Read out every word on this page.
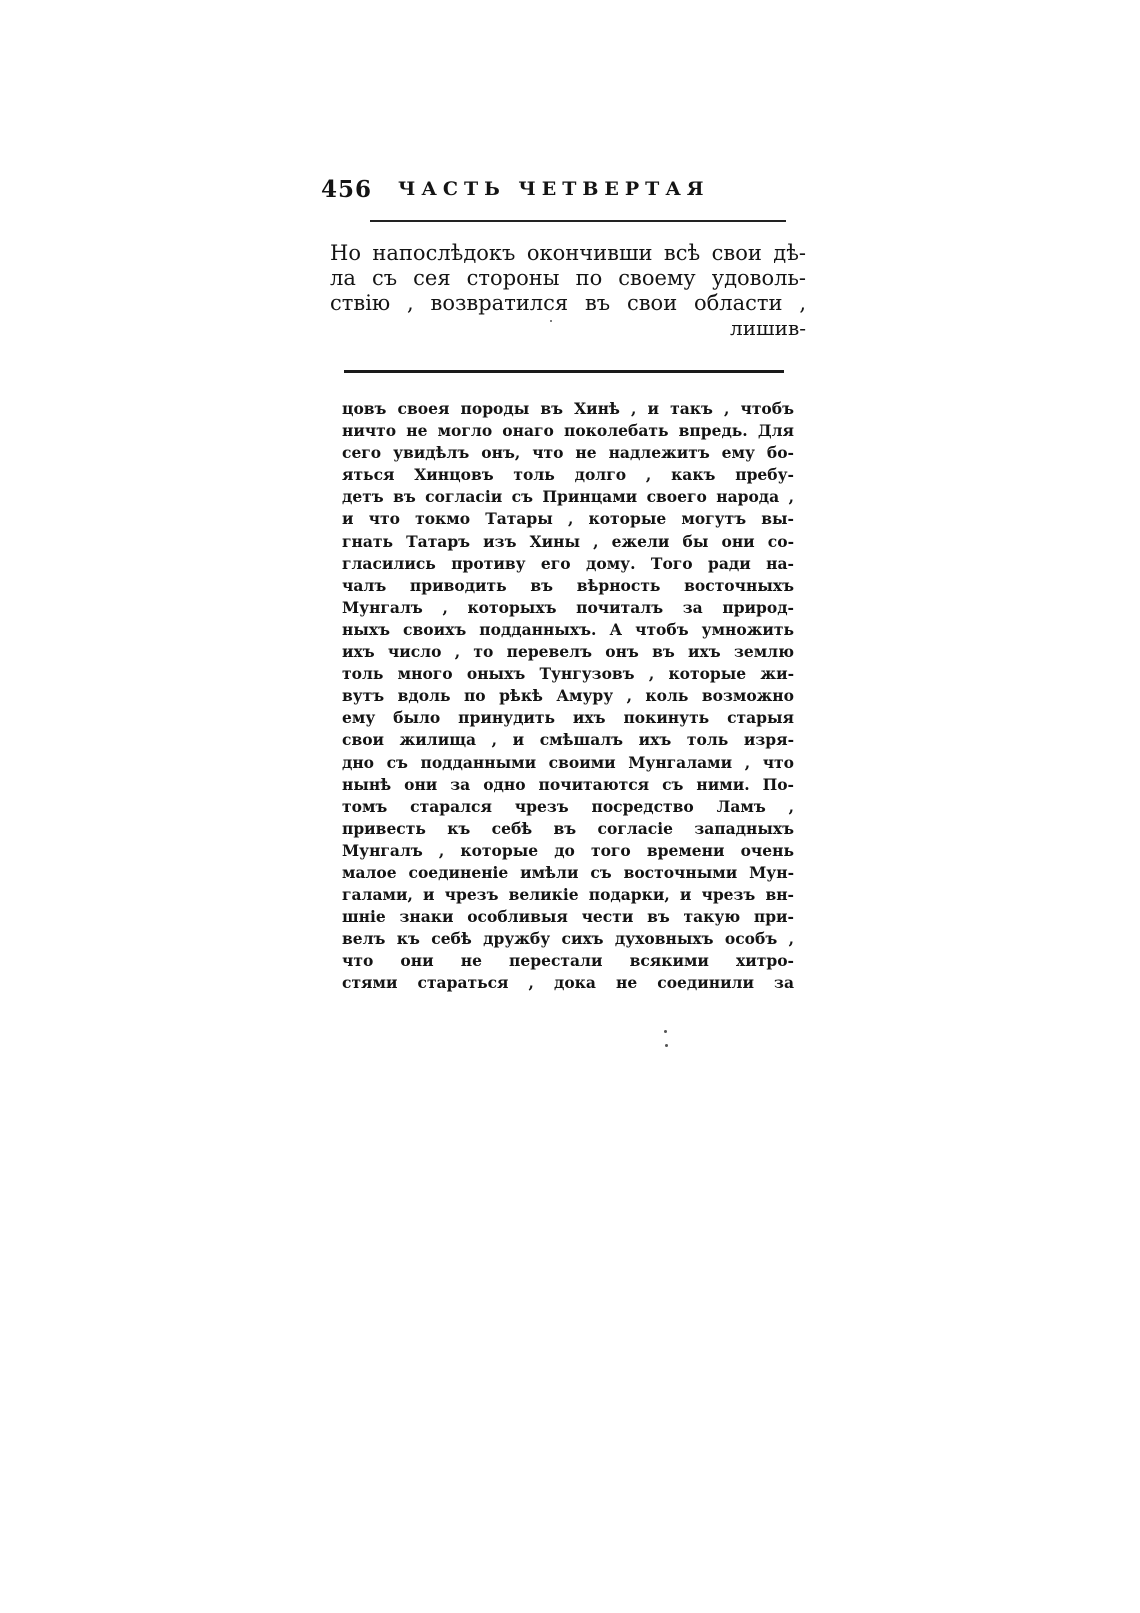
456 ЧАСТЬ ЧЕТВЕРТАЯ
Но напослѣдокъ окончивши всѣ свои дѣ-
ла съ сея стороны по своему удоволь-
ствiю , возвратился въ свои области ,
лишив-
цовъ своея породы въ Хинѣ , и такъ , чтобъ
ничто не могло онаго поколебать впредь. Для
сего увидѣлъ онъ, что не надлежитъ ему бо-
яться Хинцовъ толь долго , какъ пребу-
детъ въ согласiи съ Принцами своего народа ,
и что токмо Татары , которые могутъ вы-
гнать Татаръ изъ Хины , ежели бы они со-
гласились противу его дому. Того ради на-
чалъ приводить въ вѣрность восточныхъ
Мунгалъ , которыхъ почиталъ за природ-
ныхъ своихъ подданныхъ. А чтобъ умножить
ихъ число , то перевелъ онъ въ ихъ землю
толь много оныхъ Тунгузовъ , которые жи-
вутъ вдоль по рѣкѣ Амуру , коль возможно
ему было принудить ихъ покинуть старыя
свои жилища , и смѣшалъ ихъ толь изря-
дно съ подданными своими Мунгалами , что
нынѣ они за одно почитаются съ ними. По-
томъ старался чрезъ посредство Ламъ ,
привесть къ себѣ въ согласiе западныхъ
Мунгалъ , которые до того времени очень
малое соединенiе имѣли съ восточными Мун-
галами, и чрезъ великiе подарки, и чрезъ вн-
шнiе знаки особливыя чести въ такую при-
велъ къ себѣ дружбу сихъ духовныхъ особъ ,
что они не перестали всякими хитро-
стями стараться , дока не соединили за
